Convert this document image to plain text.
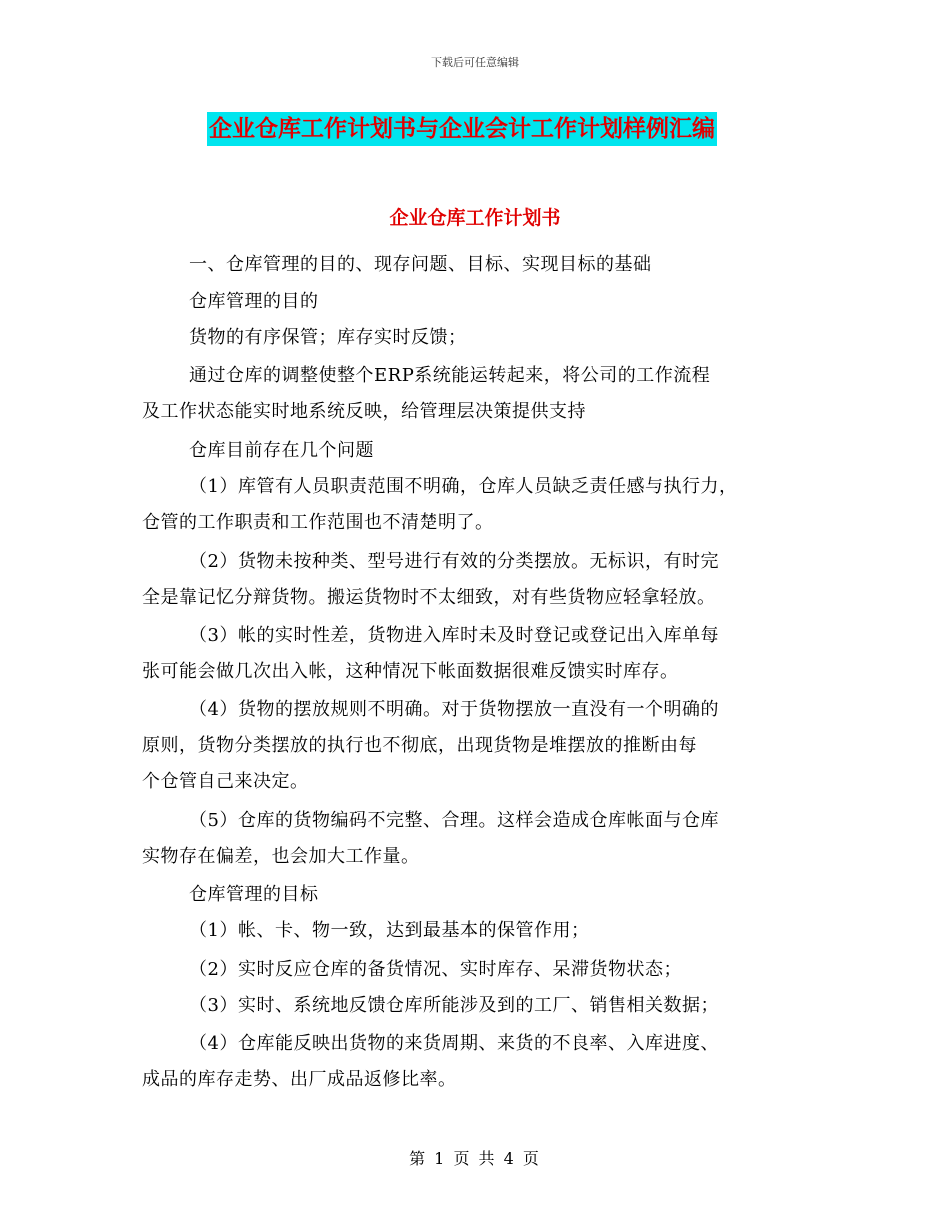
下载后可任意编辑
企业仓库工作计划书与企业会计工作计划样例汇编
企业仓库工作计划书
一、仓库管理的目的、现存问题、目标、实现目标的基础
仓库管理的目的
货物的有序保管；库存实时反馈；
通过仓库的调整使整个ERP系统能运转起来，将公司的工作流程
及工作状态能实时地系统反映，给管理层决策提供支持
仓库目前存在几个问题
（1）库管有人员职责范围不明确，仓库人员缺乏责任感与执行力，
仓管的工作职责和工作范围也不清楚明了。
（2）货物未按种类、型号进行有效的分类摆放。无标识，有时完
全是靠记忆分辩货物。搬运货物时不太细致，对有些货物应轻拿轻放。
（3）帐的实时性差，货物进入库时未及时登记或登记出入库单每
张可能会做几次出入帐，这种情况下帐面数据很难反馈实时库存。
（4）货物的摆放规则不明确。对于货物摆放一直没有一个明确的
原则，货物分类摆放的执行也不彻底，出现货物是堆摆放的推断由每
个仓管自己来决定。
（5）仓库的货物编码不完整、合理。这样会造成仓库帐面与仓库
实物存在偏差，也会加大工作量。
仓库管理的目标
（1）帐、卡、物一致，达到最基本的保管作用；
（2）实时反应仓库的备货情况、实时库存、呆滞货物状态；
（3）实时、系统地反馈仓库所能涉及到的工厂、销售相关数据；
（4）仓库能反映出货物的来货周期、来货的不良率、入库进度、
成品的库存走势、出厂成品返修比率。
第 1 页 共 4 页
